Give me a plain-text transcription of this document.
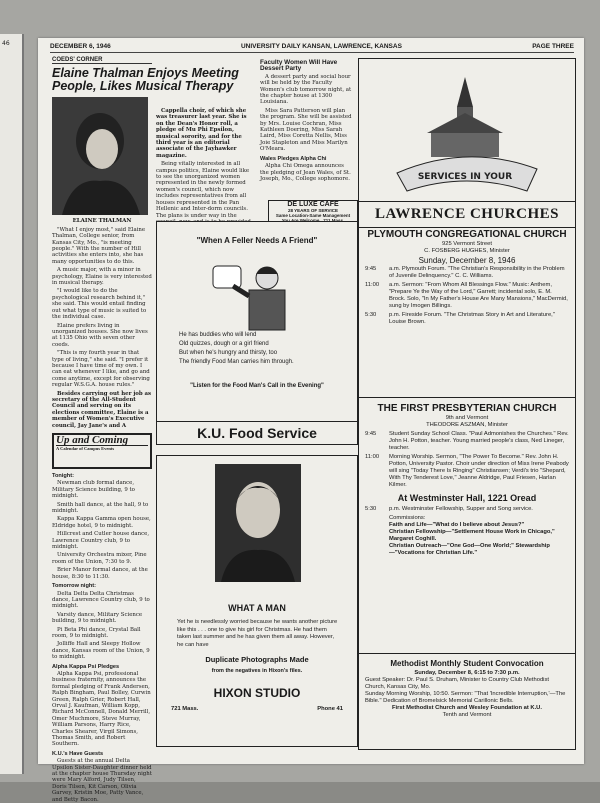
46	DECEMBER 6, 1946	UNIVERSITY DAILY KANSAN, LAWRENCE, KANSAS	PAGE THREE
COEDS' CORNER
Elaine Thalman Enjoys Meeting People, Likes Musical Therapy
ELAINE THALMAN

"What I enjoy most," said Elaine Thalman, College senior, from Kansas City, Mo., "is meeting people." With the number of Hill activities she enters into, she has many opportunities to do this.

A music major, with a minor in psychology, Elaine is very interested in musical therapy.

"I would like to do the psychological research behind it," she said. This would entail finding out what type of music is suited to the individual case.

Elaine prefers living in unorganized houses. She now lives at 1135 Ohio with seven other coeds.

"This is my fourth year in that type of living," she said. "I prefer it because I have time of my own. I can eat whenever I like, and go and come anytime, except for observing regular W.S.G.A. house rules."

Besides carrying out her job as secretary of the All-Student Council and serving on its elections committee, Elaine is a member of Women's Executive council, Jay Jane's and A

Up and Coming
A Calendar of Campus Events
Tonight:

Newman club formal dance, Military Science building, 9 to midnight.

Smith hall dance, at the hall, 9 to midnight.

Kappa Kappa Gamma open house, Eldridge hotel, 9 to midnight.

Hillcrest and Cutler house dance, Lawrence Country club, 9 to midnight.

University Orchestra mixer, Pine room of the Union, 7:30 to 9.

Brier Manor formal dance, at the house, 8:30 to 11:30.

Tomorrow night:

Delta Delta Delta Christmas dance, Lawrence Country club, 9 to midnight.

Varsity dance, Military Science building, 9 to midnight.

Pi Beta Phi dance, Crystal Ball room, 9 to midnight.

Jolliffe Hall and Sleepy Hollow dance, Kansas room of the Union, 9 to midnight.

Alpha Kappa Psi Pledges

Alpha Kappa Psi, professional business fraternity, announces the formal pledging of Frank Andersen, Ralph Bingham, Paul Bolley, Curwin Green, Ralph Grier, Robert Hall, Orval J. Kaufman, William Kopp, Richard McConnell, Donald Merrill, Omer Muchmore, Steve Murray, William Parsons, Harry Rice, Charles Shearer, Virgil Simons, Thomas Smith, and Robert Southern.

K.U.'s Have Guests

Guests at the annual Delta Upsilon Sister-Daughter dinner held at the chapter house Thursday night were Mary Alford, Judy Tilsen, Doris Tilsen, Kit Carson, Olivia Garvey, Kristin Moe, Patty Vance, and Betty Bacon.

Cappella choir, of which she was treasurer last year. She is on the Dean's Honor roll, a pledge of Mu Phi Epsilon, musical sorority, and for the third year is an editorial associate of the Jayhawker magazine.

Being vitally interested in all campus politics, Elaine would like to see the unorganized women represented in the newly formed women's council, which now includes representatives from all houses represented in the Pan Hellenic and Inter-dorm councils. The plans is under way in the

Faculty Women Will Have Dessert Party

A dessert party and social hour will be held by the Faculty Women's club tomorrow night, at the chapter house at 1300 Louisiana.

Miss Sara Patterson will plan the program. She will be assisted by Mrs. Louise Cochran, Miss Kathleen Doering, Miss Sarah Laird, Miss Coretta Nellis, Miss Joie Stapleton and Miss Marilyn O'Meara.

Wales Pledges Alpha Chi

Alpha Chi Omega announces the pledging of Jean Wales, of St. Joseph, Mo., College sophomore.

DE LUXE CAFE
28 YEARS OF SERVICE
Same Location-Same Management

"When A Feller Needs A Friend"
He has buddies who will lend
Old quizzes, dough or a girl friend
But when he's hungry and thirsty, too
The friendly Food Man carries him through.
"Listen for the Food Man's Call in the Evening"
K.U. Food Service
WHAT A MAN
Yet he is needlessly worried because he wants another picture like this . . . one to give his girl for Christmas. He had them taken last summer and he has given them all away. However, he can have
Duplicate Photographs Made
from the negatives in Hixon's files.
HIXON STUDIO
721 Mass.	Phone 41
SERVICES IN YOUR
LAWRENCE CHURCHES
PLYMOUTH CONGREGATIONAL CHURCH
925 Vermont Street
C. FOSBERG HUGHES, Minister
Sunday, December 8, 1946
9:45	a.m. Plymouth Forum. "The Christian's Responsibility in the Problem of Juvenile Delinquency." C. C. Williams.
11:00	a.m. Sermon: "From Whom All Blessings Flow." Music: Anthem, "Prepare Ye the Way of the Lord," Garrett; incidental solo, E. M. Brock. Solo, "In My Father's House Are Many Mansions," MacDermid, sung by Imogen Billings.
5:30	p.m. Fireside Forum. "The Christmas Story in Art and Literature," Louise Brown.
THE FIRST PRESBYTERIAN CHURCH
9th and Vermont
THEODORE ASZMAN, Minister
9:45	Student Sunday School Class. "Paul Admonishes the Churches." Rev. John H. Potton, teacher. Young married people's class, Ned Lineger, teacher.
11:00	Morning Worship. Sermon, "The Power To Become." Rev. John H. Potton, University Pastor. Choir under direction of Miss Irene Peabody will sing "Today There Is Ringing" Christiansen; Verdi's trio "Shepard, With Thy Tenderest Love," Jeanne Aldridge, Paul Friesen, Harlan Kilmer.
At Westminster Hall, 1221 Oread
5:30	p.m. Westminster Fellowship, Supper and Song service.
Commissions:
Faith and Life—"What do I believe about Jesus?"
Christian Fellowship—"Settlement House Work in Chicago," Margaret Coghill.
Christian Outreach—"One God—One World;" Stewardship—"Vocations for Christian Life."
Methodist Monthly Student Convocation
Sunday, December 8, 6:15 to 7:30 p.m.
Guest Speaker: Dr. Paul S. Druham, Minister to Country Club Methodist Church, Kansas City, Mo.
Sunday Morning Worship, 10:50. Sermon: "That 'Incredible Interruption,'—The Bible." Dedication of Bromelsick Memorial Carillonic Bells.
First Methodist Church and Wesley Foundation at K.U.
Tenth and Vermont
